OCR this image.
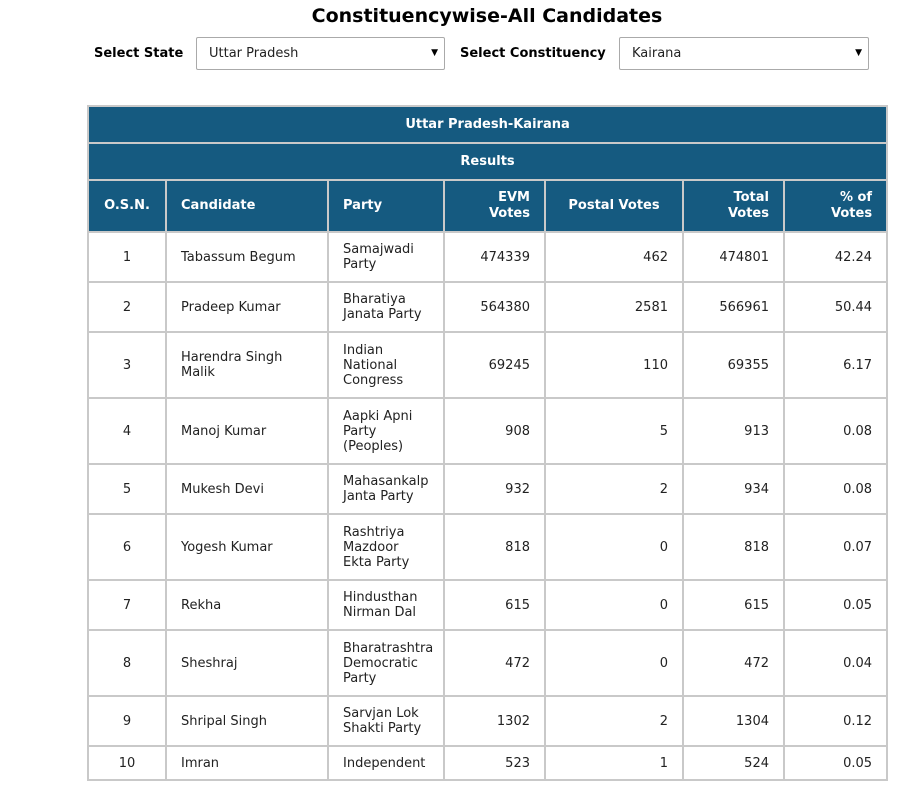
Constituencywise-All Candidates
Select State	Uttar Pradesh	▼ Select Constituency	Kairana	▼
Uttar Pradesh-Kairana						
Results						
O.S.N.	Candidate	Party	EVM Votes	Postal Votes	Total Votes	% of Votes
1	Tabassum Begum	Samajwadi Party	474339	462	474801	42.24
2	Pradeep Kumar	Bharatiya Janata Party	564380	2581	566961	50.44
3	Harendra Singh Malik	Indian National Congress	69245	110	69355	6.17
4	Manoj Kumar	Aapki Apni Party (Peoples)	908	5	913	0.08
5	Mukesh Devi	Mahasankalp Janta Party	932	2	934	0.08
6	Yogesh Kumar	Rashtriya Mazdoor Ekta Party	818	0	818	0.07
7	Rekha	Hindusthan Nirman Dal	615	0	615	0.05
8	Sheshraj	Bharatrashtra Democratic Party	472	0	472	0.04
9	Shripal Singh	Sarvjan Lok Shakti Party	1302	2	1304	0.12
10	Imran	Independent	523	1	524	0.05
